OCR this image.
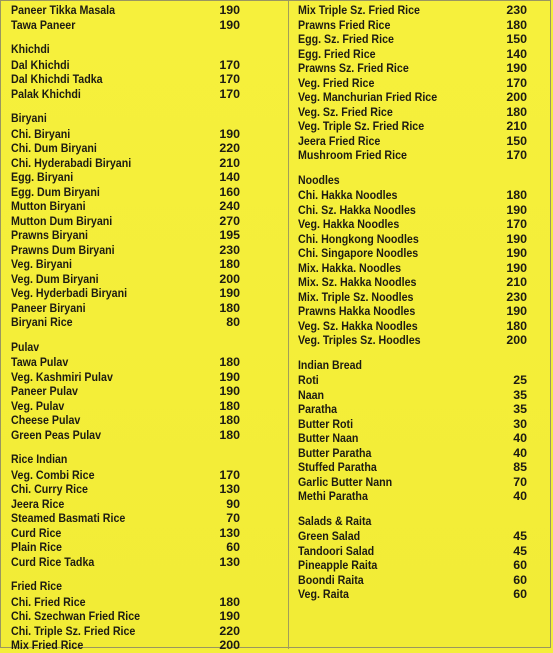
Paneer Tikka Masala	190
Tawa Paneer	190
Khichdi
Dal Khichdi	170
Dal Khichdi Tadka	170
Palak Khichdi	170
Biryani
Chi. Biryani	190
Chi. Dum Biryani	220
Chi. Hyderabadi Biryani	210
Egg. Biryani	140
Egg. Dum Biryani	160
Mutton Biryani	240
Mutton Dum Biryani	270
Prawns Biryani	195
Prawns Dum Biryani	230
Veg. Biryani	180
Veg. Dum Biryani	200
Veg. Hyderbadi Biryani	190
Paneer Biryani	180
Biryani Rice	80
Pulav
Tawa Pulav	180
Veg. Kashmiri Pulav	190
Paneer Pulav	190
Veg. Pulav	180
Cheese Pulav	180
Green Peas Pulav	180
Rice Indian
Veg. Combi Rice	170
Chi. Curry Rice	130
Jeera Rice	90
Steamed Basmati Rice	70
Curd Rice	130
Plain Rice	60
Curd Rice Tadka	130
Fried Rice
Chi. Fried Rice	180
Chi. Szechwan Fried Rice	190
Chi. Triple Sz. Fried Rice	220
Mix Fried Rice	200
Mix Triple Sz. Fried Rice	230
Prawns Fried Rice	180
Egg. Sz. Fried Rice	150
Egg. Fried Rice	140
Prawns Sz. Fried Rice	190
Veg. Fried Rice	170
Veg. Manchurian Fried Rice	200
Veg. Sz. Fried Rice	180
Veg. Triple Sz. Fried Rice	210
Jeera Fried Rice	150
Mushroom Fried Rice	170
Noodles
Chi. Hakka Noodles	180
Chi. Sz. Hakka Noodles	190
Veg. Hakka Noodles	170
Chi. Hongkong Noodles	190
Chi. Singapore Noodles	190
Mix. Hakka. Noodles	190
Mix. Sz. Hakka Noodles	210
Mix. Triple Sz. Noodles	230
Prawns Hakka Noodles	190
Veg. Sz. Hakka Noodles	180
Veg. Triples Sz. Hoodles	200
Indian Bread
Roti	25
Naan	35
Paratha	35
Butter Roti	30
Butter Naan	40
Butter Paratha	40
Stuffed Paratha	85
Garlic Butter Nann	70
Methi Paratha	40
Salads & Raita
Green Salad	45
Tandoori Salad	45
Pineapple Raita	60
Boondi Raita	60
Veg. Raita	60
